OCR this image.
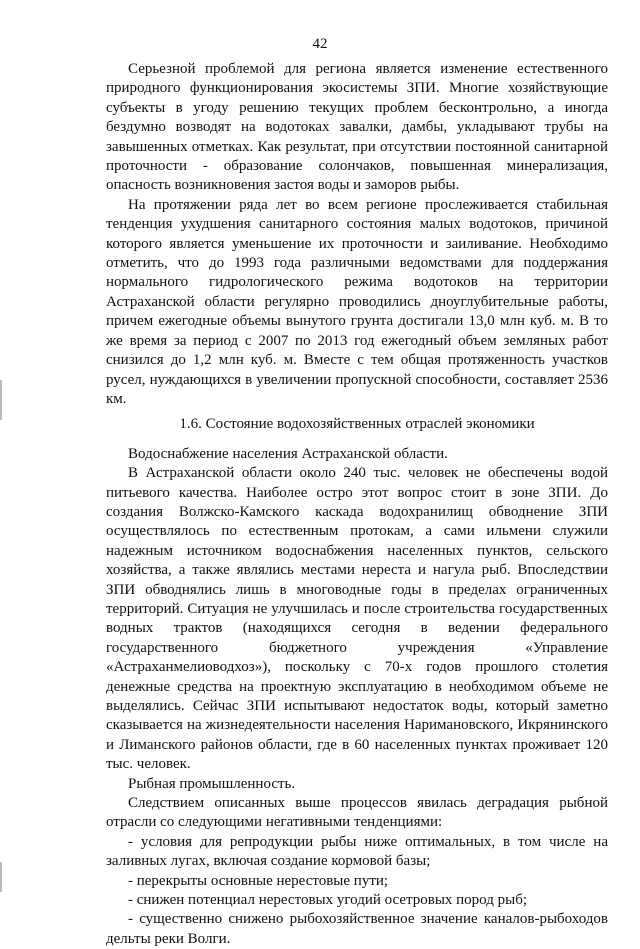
42

Серьезной проблемой для региона является изменение естественного природного функционирования экосистемы ЗПИ. Многие хозяйствующие субъекты в угоду решению текущих проблем бесконтрольно, а иногда бездумно возводят на водотоках завалки, дамбы, укладывают трубы на завышенных отметках. Как результат, при отсутствии постоянной санитарной проточности - образование солончаков, повышенная минерализация, опасность возникновения застоя воды и заморов рыбы.

На протяжении ряда лет во всем регионе прослеживается стабильная тенденция ухудшения санитарного состояния малых водотоков, причиной которого является уменьшение их проточности и заиливание. Необходимо отметить, что до 1993 года различными ведомствами для поддержания нормального гидрологического режима водотоков на территории Астраханской области регулярно проводились дноуглубительные работы, причем ежегодные объемы вынутого грунта достигали 13,0 млн куб. м. В то же время за период с 2007 по 2013 год ежегодный объем земляных работ снизился до 1,2 млн куб. м. Вместе с тем общая протяженность участков русел, нуждающихся в увеличении пропускной способности, составляет 2536 км.

1.6. Состояние водохозяйственных отраслей экономики

Водоснабжение населения Астраханской области.

В Астраханской области около 240 тыс. человек не обеспечены водой питьевого качества. Наиболее остро этот вопрос стоит в зоне ЗПИ. До создания Волжско-Камского каскада водохранилищ обводнение ЗПИ осуществлялось по естественным протокам, а сами ильмени служили надежным источником водоснабжения населенных пунктов, сельского хозяйства, а также являлись местами нереста и нагула рыб. Впоследствии ЗПИ обводнялись лишь в многоводные годы в пределах ограниченных территорий. Ситуация не улучшилась и после строительства государственных водных трактов (находящихся сегодня в ведении федерального государственного бюджетного учреждения «Управление «Астраханмелиоводхоз»), поскольку с 70-х годов прошлого столетия денежные средства на проектную эксплуатацию в необходимом объеме не выделялись. Сейчас ЗПИ испытывают недостаток воды, который заметно сказывается на жизнедеятельности населения Наримановского, Икрянинского и Лиманского районов области, где в 60 населенных пунктах проживает 120 тыс. человек.

Рыбная промышленность.

Следствием описанных выше процессов явилась деградация рыбной отрасли со следующими негативными тенденциями:

- условия для репродукции рыбы ниже оптимальных, в том числе на заливных лугах, включая создание кормовой базы;

- перекрыты основные нерестовые пути;

- снижен потенциал нерестовых угодий осетровых пород рыб;

- существенно снижено рыбохозяйственное значение каналов-рыбоходов дельты реки Волги.
